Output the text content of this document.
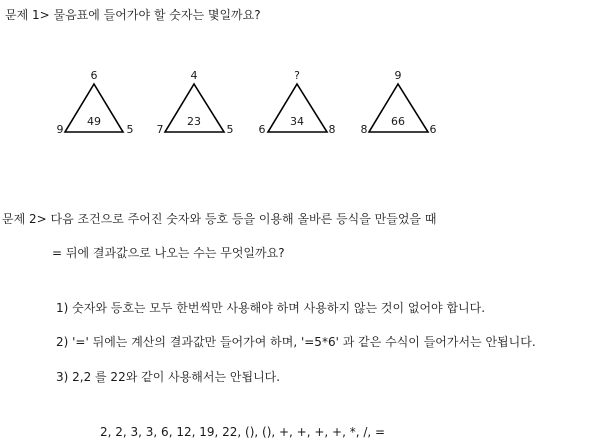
문제 1> 물음표에 들어가야 할 숫자는 몇일까요?
6
9	5
49
4
7	5
23
?
6	8
34
9
8	6
66
문제 2> 다음 조건으로 주어진 숫자와 등호 등을 이용해 올바른 등식을 만들었을 때
= 뒤에 결과값으로 나오는 수는 무엇일까요?
1) 숫자와 등호는 모두 한번씩만 사용해야 하며 사용하지 않는 것이 없어야 합니다.
2) '=' 뒤에는 계산의 결과값만 들어가여 하며, '=5*6' 과 같은 수식이 들어가서는 안됩니다.
3) 2,2 를 22와 같이 사용해서는 안됩니다.
2, 2, 3, 3, 6, 12, 19, 22, (), (), +, +, +, +, *, /, =
